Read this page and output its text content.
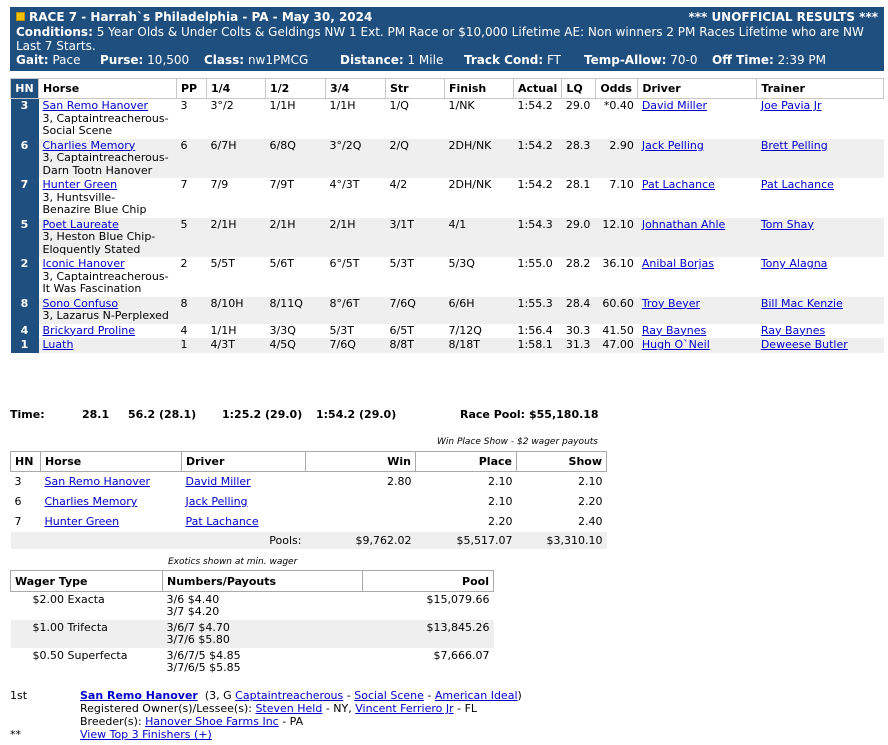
RACE 7 - Harrah`s Philadelphia - PA - May 30, 2024	*** UNOFFICIAL RESULTS ***
Conditions: 5 Year Olds & Under Colts & Geldings NW 1 Ext. PM Race or $10,000 Lifetime AE: Non winners 2 PM Races Lifetime who are NW Last 7 Starts.
Gait: Pace	Purse: 10,500	Class: nw1PMCG	Distance: 1 Mile	Track Cond: FT	Temp-Allow: 70-0	Off Time: 2:39 PM
HN	Horse	PP	1/4	1/2	3/4	Str	Finish	Actual	LQ	Odds	Driver	Trainer
3	San Remo Hanover
3, Captaintreacherous-
Social Scene	3	3°/2	1/1H	1/1H	1/Q	1/NK	1:54.2	29.0	*0.40	David Miller	Joe Pavia Jr
6	Charlies Memory
3, Captaintreacherous-
Darn Tootn Hanover	6	6/7H	6/8Q	3°/2Q	2/Q	2DH/NK	1:54.2	28.3	2.90	Jack Pelling	Brett Pelling
7	Hunter Green
3, Huntsville-
Benazire Blue Chip	7	7/9	7/9T	4°/3T	4/2	2DH/NK	1:54.2	28.1	7.10	Pat Lachance	Pat Lachance
5	Poet Laureate
3, Heston Blue Chip-
Eloquently Stated	5	2/1H	2/1H	2/1H	3/1T	4/1	1:54.3	29.0	12.10	Johnathan Ahle	Tom Shay
2	Iconic Hanover
3, Captaintreacherous-
It Was Fascination	2	5/5T	5/6T	6°/5T	5/3T	5/3Q	1:55.0	28.2	36.10	Anibal Borjas	Tony Alagna
8	Sono Confuso
3, Lazarus N-Perplexed	8	8/10H	8/11Q	8°/6T	7/6Q	6/6H	1:55.3	28.4	60.60	Troy Beyer	Bill Mac Kenzie
4	Brickyard Proline	4	1/1H	3/3Q	5/3T	6/5T	7/12Q	1:56.4	30.3	41.50	Ray Baynes	Ray Baynes
1	Luath	1	4/3T	4/5Q	7/6Q	8/8T	8/18T	1:58.1	31.3	47.00	Hugh O`Neil	Deweese Butler
Time:	28.1 56.2 (28.1) 1:25.2 (29.0) 1:54.2 (29.0)	Race Pool: $55,180.18
Win Place Show - $2 wager payouts
HN	Horse	Driver	Win	Place	Show
3	San Remo Hanover	David Miller	2.80	2.10	2.10
6	Charlies Memory	Jack Pelling		2.10	2.20
7	Hunter Green	Pat Lachance		2.20	2.40
		Pools:	$9,762.02	$5,517.07	$3,310.10
Exotics shown at min. wager
Wager Type	Numbers/Payouts	Pool
$2.00 Exacta	3/6 $4.40
3/7 $4.20	$15,079.66
$1.00 Trifecta	3/6/7 $4.70
3/7/6 $5.80	$13,845.26
$0.50 Superfecta	3/6/7/5 $4.85
3/7/6/5 $5.85	$7,666.07
1st	San Remo Hanover (3, G Captaintreacherous - Social Scene - American Ideal)
Registered Owner(s)/Lessee(s): Steven Held - NY, Vincent Ferriero Jr - FL
Breeder(s): Hanover Shoe Farms Inc - PA
**	View Top 3 Finishers (+)
